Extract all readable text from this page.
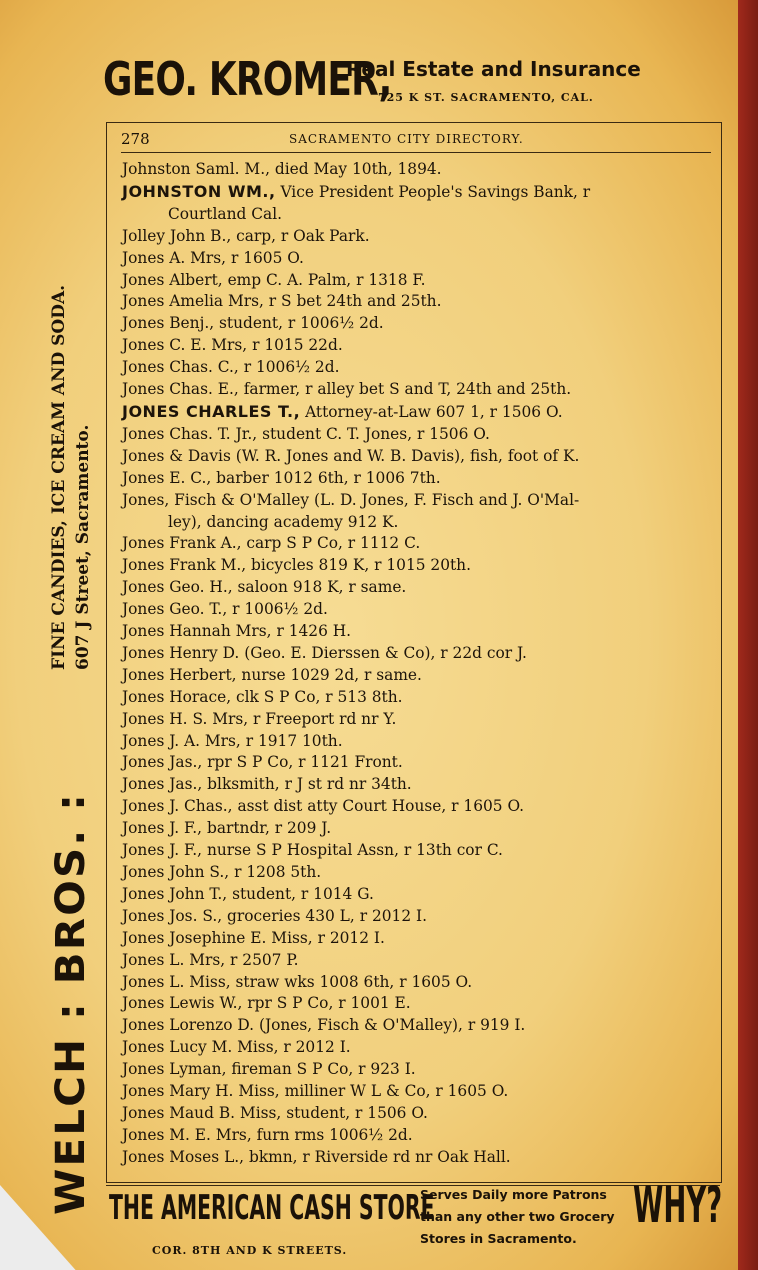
GEO. KROMER,
Real Estate and Insurance
725 K ST. SACRAMENTO, CAL.
WELCH : BROS. :
FINE CANDIES, ICE CREAM AND SODA. 607 J Street, Sacramento.
278	SACRAMENTO CITY DIRECTORY.
Johnston Saml. M., died May 10th, 1894.
JOHNSTON WM., Vice President People's Savings Bank, r
Courtland Cal.
Jolley John B., carp, r Oak Park.
Jones A. Mrs, r 1605 O.
Jones Albert, emp C. A. Palm, r 1318 F.
Jones Amelia Mrs, r S bet 24th and 25th.
Jones Benj., student, r 1006½ 2d.
Jones C. E. Mrs, r 1015 22d.
Jones Chas. C., r 1006½ 2d.
Jones Chas. E., farmer, r alley bet S and T, 24th and 25th.
JONES CHARLES T., Attorney-at-Law 607 1, r 1506 O.
Jones Chas. T. Jr., student C. T. Jones, r 1506 O.
Jones & Davis (W. R. Jones and W. B. Davis), fish, foot of K.
Jones E. C., barber 1012 6th, r 1006 7th.
Jones, Fisch & O'Malley (L. D. Jones, F. Fisch and J. O'Mal-
ley), dancing academy 912 K.
Jones Frank A., carp S P Co, r 1112 C.
Jones Frank M., bicycles 819 K, r 1015 20th.
Jones Geo. H., saloon 918 K, r same.
Jones Geo. T., r 1006½ 2d.
Jones Hannah Mrs, r 1426 H.
Jones Henry D. (Geo. E. Dierssen & Co), r 22d cor J.
Jones Herbert, nurse 1029 2d, r same.
Jones Horace, clk S P Co, r 513 8th.
Jones H. S. Mrs, r Freeport rd nr Y.
Jones J. A. Mrs, r 1917 10th.
Jones Jas., rpr S P Co, r 1121 Front.
Jones Jas., blksmith, r J st rd nr 34th.
Jones J. Chas., asst dist atty Court House, r 1605 O.
Jones J. F., bartndr, r 209 J.
Jones J. F., nurse S P Hospital Assn, r 13th cor C.
Jones John S., r 1208 5th.
Jones John T., student, r 1014 G.
Jones Jos. S., groceries 430 L, r 2012 I.
Jones Josephine E. Miss, r 2012 I.
Jones L. Mrs, r 2507 P.
Jones L. Miss, straw wks 1008 6th, r 1605 O.
Jones Lewis W., rpr S P Co, r 1001 E.
Jones Lorenzo D. (Jones, Fisch & O'Malley), r 919 I.
Jones Lucy M. Miss, r 2012 I.
Jones Lyman, fireman S P Co, r 923 I.
Jones Mary H. Miss, milliner W L & Co, r 1605 O.
Jones Maud B. Miss, student, r 1506 O.
Jones M. E. Mrs, furn rms 1006½ 2d.
Jones Moses L., bkmn, r Riverside rd nr Oak Hall.
THE AMERICAN CASH STORE
COR. 8TH AND K STREETS.
Serves Daily more Patrons
than any other two Grocery
Stores in Sacramento.
WHY?
